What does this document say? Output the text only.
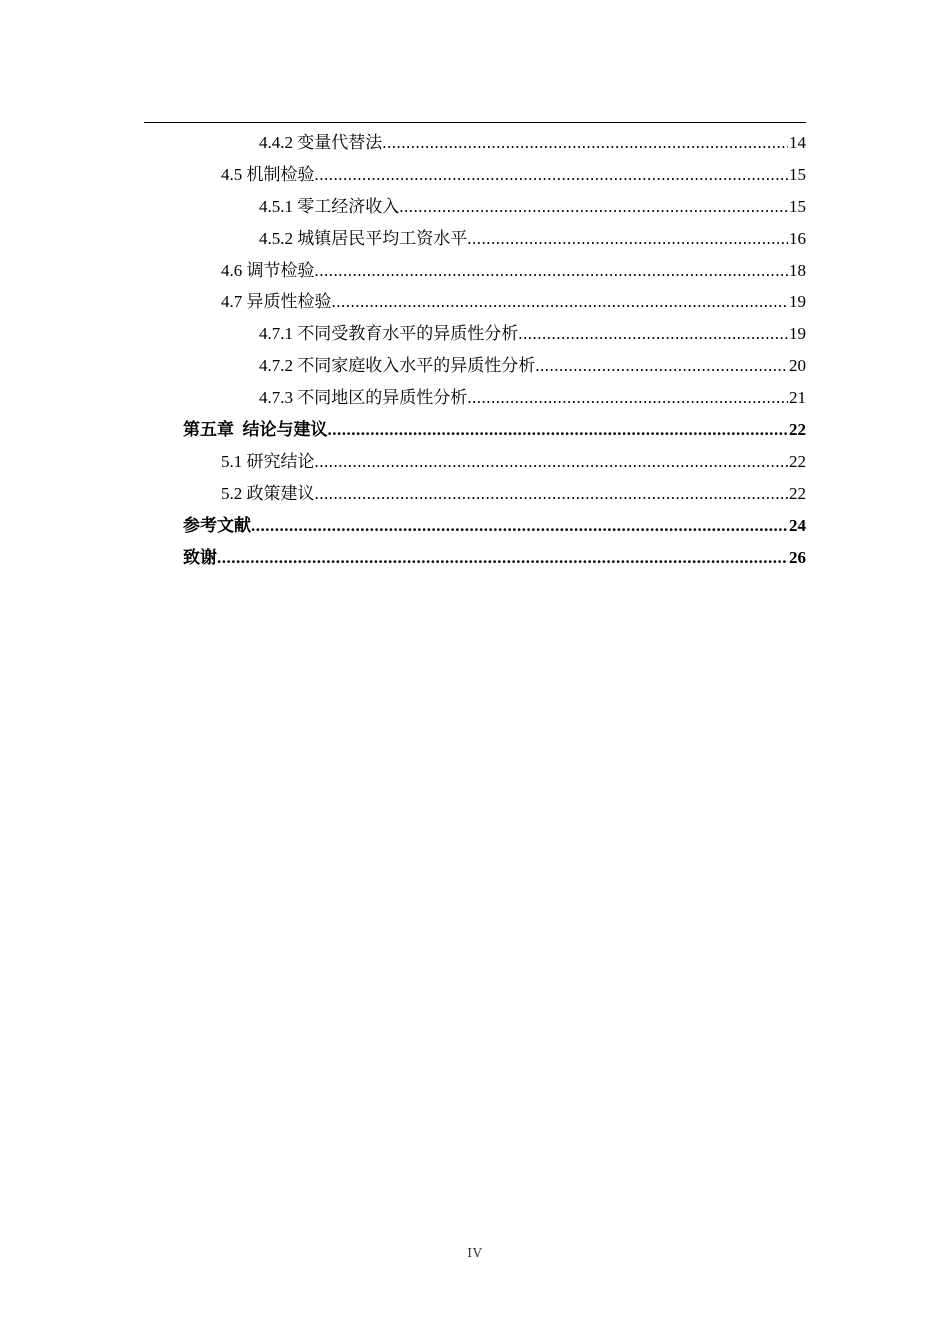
4.4.2 变量代替法 .....	14
4.5 机制检验 .....	15
4.5.1 零工经济收入 .....	15
4.5.2 城镇居民平均工资水平 .....	16
4.6 调节检验 .....	18
4.7 异质性检验 .....	19
4.7.1 不同受教育水平的异质性分析 .....	19
4.7.2 不同家庭收入水平的异质性分析 .....	20
4.7.3 不同地区的异质性分析 .....	21
第五章  结论与建议 .....	22
5.1 研究结论 .....	22
5.2 政策建议 .....	22
参考文献 .....	24
致谢 .....	26
IV
